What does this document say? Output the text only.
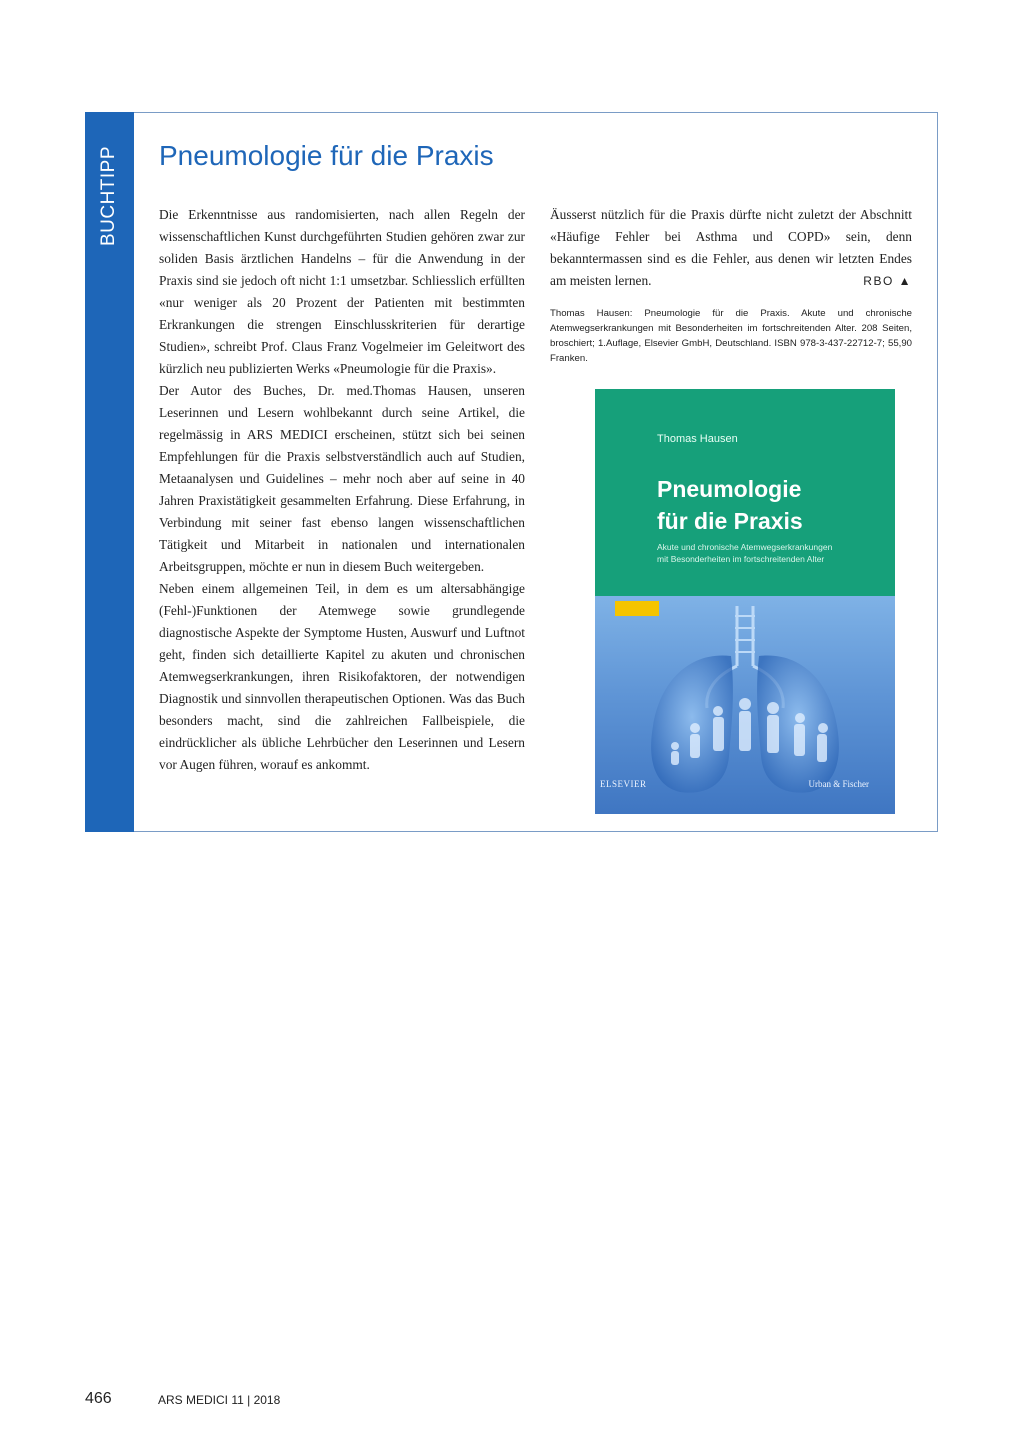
BUCHTIPP Pneumologie für die Praxis

Die Erkenntnisse aus randomisierten, nach allen Regeln der wissenschaftlichen Kunst durchgeführten Studien gehören zwar zur soliden Basis ärztlichen Handelns – für die Anwendung in der Praxis sind sie jedoch oft nicht 1:1 umsetzbar. Schliesslich erfüllten «nur weniger als 20 Prozent der Patienten mit bestimmten Erkrankungen die strengen Einschlusskriterien für derartige Studien», schreibt Prof. Claus Franz Vogelmeier im Geleitwort des kürzlich neu publizierten Werks «Pneumologie für die Praxis».

Der Autor des Buches, Dr. med.Thomas Hausen, unseren Leserinnen und Lesern wohlbekannt durch seine Artikel, die regelmässig in ARS MEDICI erscheinen, stützt sich bei seinen Empfehlungen für die Praxis selbstverständlich auch auf Studien, Metaanalysen und Guidelines – mehr noch aber auf seine in 40 Jahren Praxistätigkeit gesammelten Erfahrung. Diese Erfahrung, in Verbindung mit seiner fast ebenso langen wissenschaftlichen Tätigkeit und Mitarbeit in nationalen und internationalen Arbeitsgruppen, möchte er nun in diesem Buch weitergeben.

Neben einem allgemeinen Teil, in dem es um altersabhängige (Fehl-)Funktionen der Atemwege sowie grundlegende diagnostische Aspekte der Symptome Husten, Auswurf und Luftnot geht, finden sich detaillierte Kapitel zu akuten und chronischen Atemwegserkrankungen, ihren Risikofaktoren, der notwendigen Diagnostik und sinnvollen therapeutischen Optionen. Was das Buch besonders macht, sind die zahlreichen Fallbeispiele, die eindrücklicher als übliche Lehrbücher den Leserinnen und Lesern vor Augen führen, worauf es ankommt.

Äusserst nützlich für die Praxis dürfte nicht zuletzt der Abschnitt «Häufige Fehler bei Asthma und COPD» sein, denn bekanntermassen sind es die Fehler, aus denen wir letzten Endes am meisten lernen.	RBO ▲

Thomas Hausen: Pneumologie für die Praxis. Akute und chronische Atemwegserkrankungen mit Besonderheiten im fortschreitenden Alter. 208 Seiten, broschiert; 1.Auflage, Elsevier GmbH, Deutschland. ISBN 978-3-437-22712-7; 55,90 Franken.
Thomas Hausen
Pneumologie
für die Praxis
Akute und chronische Atemwegserkrankungen
mit Besonderheiten im fortschreitenden Alter
ELSEVIER	Urban & Fischer
466	ARS MEDICI 11 | 2018
